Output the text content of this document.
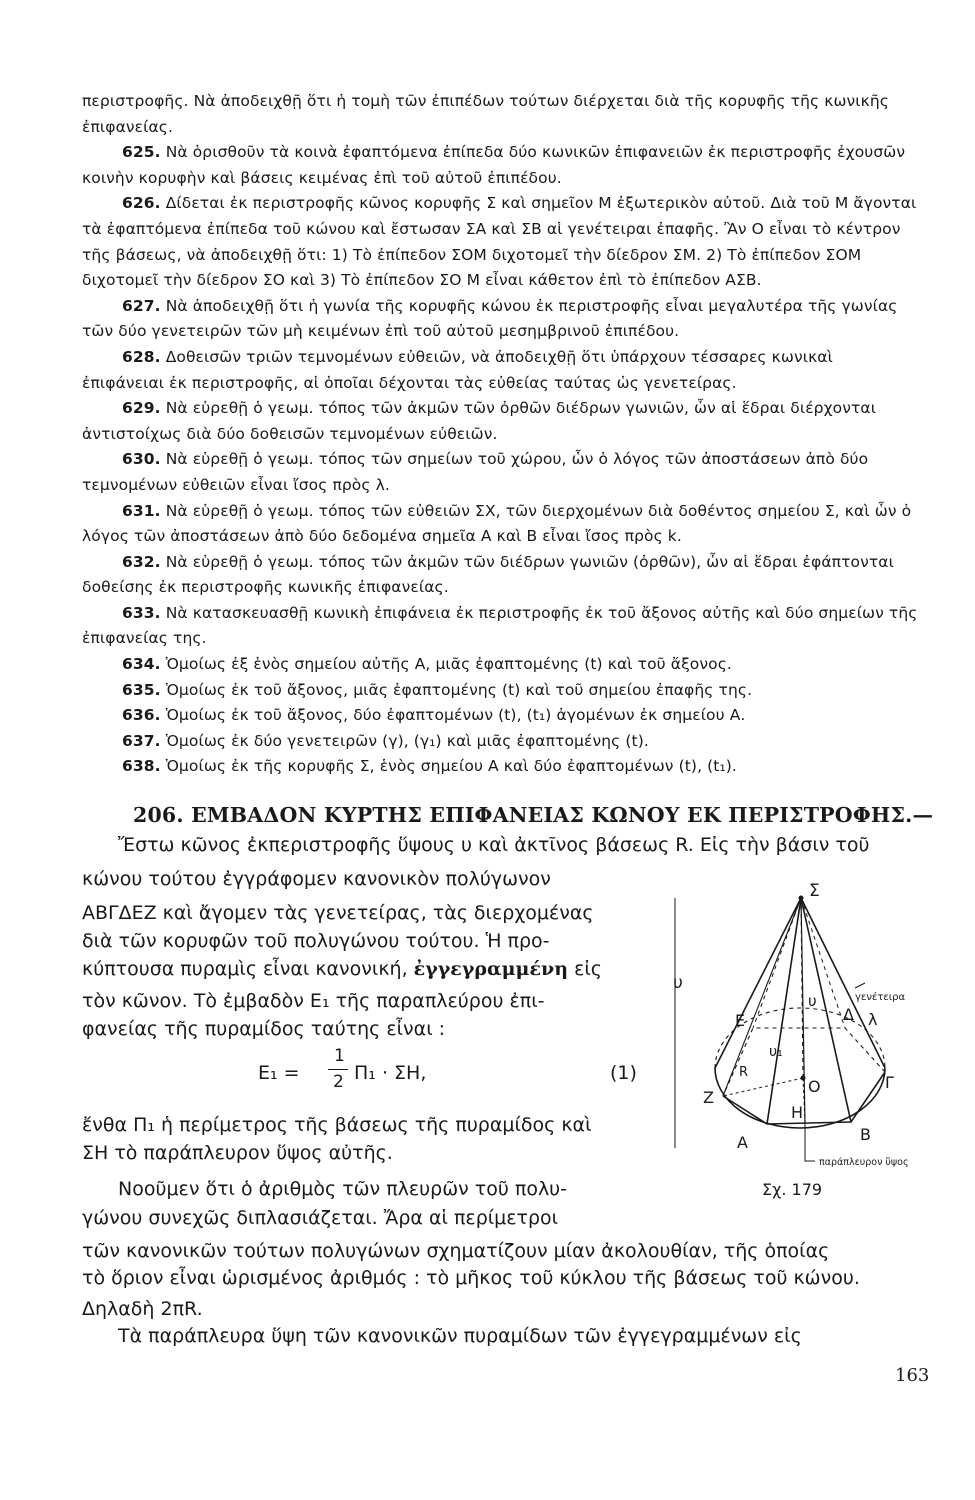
περιστροφῆς. Νὰ ἀποδειχθῇ ὅτι ἡ τομὴ τῶν ἐπιπέδων τούτων διέρχεται διὰ τῆς κορυφῆς τῆς κωνικῆς ἐπιφανείας.

625. Νὰ ὁρισθοῦν τὰ κοινὰ ἐφαπτόμενα ἐπίπεδα δύο κωνικῶν ἐπιφανειῶν ἐκ περιστροφῆς ἐχουσῶν κοινὴν κορυφὴν καὶ βάσεις κειμένας ἐπὶ τοῦ αὐτοῦ ἐπιπέδου.

626. Δίδεται ἐκ περιστροφῆς κῶνος κορυφῆς Σ καὶ σημεῖον Μ ἐξωτερικὸν αὐτοῦ. Διὰ τοῦ Μ ἄγονται τὰ ἐφαπτόμενα ἐπίπεδα τοῦ κώνου καὶ ἔστωσαν ΣΑ καὶ ΣΒ αἱ γενέτειραι ἐπαφῆς. Ἂν Ο εἶναι τὸ κέντρον τῆς βάσεως, νὰ ἀποδειχθῇ ὅτι: 1) Τὸ ἐπίπεδον ΣΟΜ διχοτομεῖ τὴν δίεδρον ΣΜ. 2) Τὸ ἐπίπεδον ΣΟΜ διχοτομεῖ τὴν δίεδρον ΣΟ καὶ 3) Τὸ ἐπίπεδον ΣΟ Μ εἶναι κάθετον ἐπὶ τὸ ἐπίπεδον ΑΣΒ.

627. Νὰ ἀποδειχθῇ ὅτι ἡ γωνία τῆς κορυφῆς κώνου ἐκ περιστροφῆς εἶναι μεγαλυτέρα τῆς γωνίας τῶν δύο γενετειρῶν τῶν μὴ κειμένων ἐπὶ τοῦ αὐτοῦ μεσημβρινοῦ ἐπιπέδου.

628. Δοθεισῶν τριῶν τεμνομένων εὐθειῶν, νὰ ἀποδειχθῇ ὅτι ὑπάρχουν τέσσαρες κωνικαὶ ἐπιφάνειαι ἐκ περιστροφῆς, αἱ ὁποῖαι δέχονται τὰς εὐθείας ταύτας ὡς γενετείρας.

629. Νὰ εὑρεθῇ ὁ γεωμ. τόπος τῶν ἀκμῶν τῶν ὀρθῶν διέδρων γωνιῶν, ὧν αἱ ἕδραι διέρχονται ἀντιστοίχως διὰ δύο δοθεισῶν τεμνομένων εὐθειῶν.

630. Νὰ εὑρεθῇ ὁ γεωμ. τόπος τῶν σημείων τοῦ χώρου, ὧν ὁ λόγος τῶν ἀποστάσεων ἀπὸ δύο τεμνομένων εὐθειῶν εἶναι ἴσος πρὸς λ.

631. Νὰ εὑρεθῇ ὁ γεωμ. τόπος τῶν εὐθειῶν ΣΧ, τῶν διερχομένων διὰ δοθέντος σημείου Σ, καὶ ὧν ὁ λόγος τῶν ἀποστάσεων ἀπὸ δύο δεδομένα σημεῖα Α καὶ Β εἶναι ἴσος πρὸς k.

632. Νὰ εὑρεθῇ ὁ γεωμ. τόπος τῶν ἀκμῶν τῶν διέδρων γωνιῶν (ὀρθῶν), ὧν αἱ ἕδραι ἐφάπτονται δοθείσης ἐκ περιστροφῆς κωνικῆς ἐπιφανείας.

633. Νὰ κατασκευασθῇ κωνικὴ ἐπιφάνεια ἐκ περιστροφῆς ἐκ τοῦ ἄξονος αὐτῆς καὶ δύο σημείων τῆς ἐπιφανείας της.

634. Ὁμοίως ἐξ ἑνὸς σημείου αὐτῆς Α, μιᾶς ἐφαπτομένης (t) καὶ τοῦ ἄξονος.

635. Ὁμοίως ἐκ τοῦ ἄξονος, μιᾶς ἐφαπτομένης (t) καὶ τοῦ σημείου ἐπαφῆς της.

636. Ὁμοίως ἐκ τοῦ ἄξονος, δύο ἐφαπτομένων (t), (t₁) ἀγομένων ἐκ σημείου Α.

637. Ὁμοίως ἐκ δύο γενετειρῶν (γ), (γ₁) καὶ μιᾶς ἐφαπτομένης (t).

638. Ὁμοίως ἐκ τῆς κορυφῆς Σ, ἑνὸς σημείου Α καὶ δύο ἐφαπτομένων (t), (t₁).

206. ΕΜΒΑΔΟΝ ΚΥΡΤΗΣ ΕΠΙΦΑΝΕΙΑΣ ΚΩΝΟΥ ΕΚ ΠΕΡΙΣΤΡΟΦΗΣ.—
Ἔστω κῶνος ἐκπεριστροφῆς ὕψους υ καὶ ἀκτῖνος βάσεως R. Εἰς τὴν βάσιν τοῦ
κώνου τούτου ἐγγράφομεν κανονικὸν πολύγωνον
ΑΒΓΔΕΖ καὶ ἄγομεν τὰς γενετείρας, τὰς διερχομένας
διὰ τῶν κορυφῶν τοῦ πολυγώνου τούτου. Ἡ προ-
κύπτουσα πυραμὶς εἶναι κανονική, ἐγγεγραμμένη εἰς
τὸν κῶνον. Τὸ ἐμβαδὸν Ε₁ τῆς παραπλεύρου ἐπι-
φανείας τῆς πυραμίδος ταύτης εἶναι :
Ε₁ =
1
2 Π₁ · ΣΗ,	(1)
ἔνθα Π₁ ἡ περίμετρος τῆς βάσεως τῆς πυραμίδος καὶ
ΣΗ τὸ παράπλευρον ὕψος αὐτῆς.
Νοοῦμεν ὅτι ὁ ἀριθμὸς τῶν πλευρῶν τοῦ πολυ-
γώνου συνεχῶς διπλασιάζεται. Ἄρα αἱ περίμετροι
τῶν κανονικῶν τούτων πολυγώνων σχηματίζουν μίαν ἀκολουθίαν, τῆς ὁποίας
τὸ ὅριον εἶναι ὡρισμένος ἀριθμός : τὸ μῆκος τοῦ κύκλου τῆς βάσεως τοῦ κώνου.
Δηλαδὴ 2πR.
Τὰ παράπλευρα ὕψη τῶν κανονικῶν πυραμίδων τῶν ἐγγεγραμμένων εἰς
Σ
υ
υ	γενέτειρα
Ε	Δ λ
υ₁
R
Ο	Γ
Ζ
Η
Β
Α
παράπλευρον ὕψος
Σχ. 179
163
